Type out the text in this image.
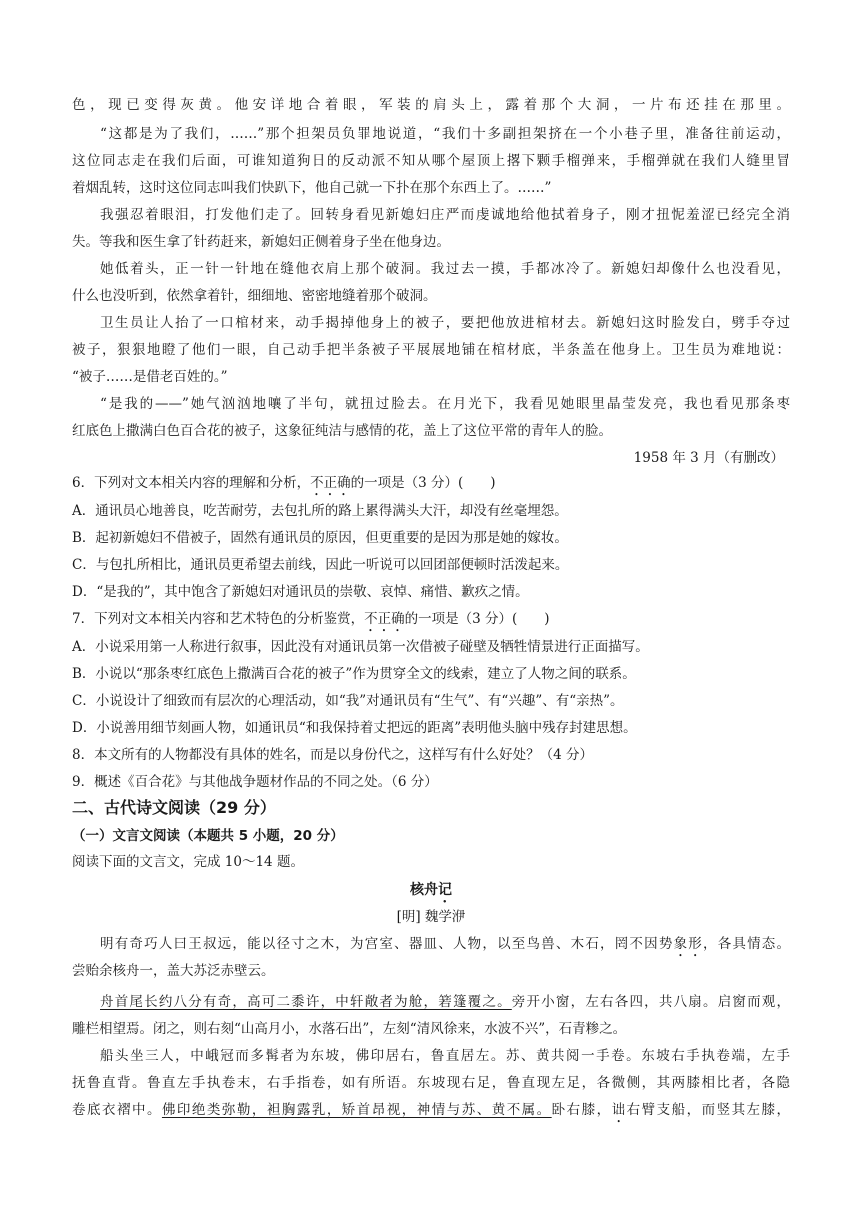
色，现已变得灰黄。他安详地合着眼，军装的肩头上，露着那个大洞，一片布还挂在那里。
“这都是为了我们，……”那个担架员负罪地说道，“我们十多副担架挤在一个小巷子里，准备往前运动，
这位同志走在我们后面，可谁知道狗日的反动派不知从哪个屋顶上撂下颗手榴弹来，手榴弹就在我们人缝里冒
着烟乱转，这时这位同志叫我们快趴下，他自己就一下扑在那个东西上了。……”
我强忍着眼泪，打发他们走了。回转身看见新媳妇庄严而虔诚地给他拭着身子，刚才扭怩羞涩已经完全消
失。等我和医生拿了针药赶来，新媳妇正侧着身子坐在他身边。
她低着头，正一针一针地在缝他衣肩上那个破洞。我过去一摸，手都冰冷了。新媳妇却像什么也没看见，
什么也没听到，依然拿着针，细细地、密密地缝着那个破洞。
卫生员让人抬了一口棺材来，动手揭掉他身上的被子，要把他放进棺材去。新媳妇这时脸发白，劈手夺过
被子，狠狠地瞪了他们一眼，自己动手把半条被子平展展地铺在棺材底，半条盖在他身上。卫生员为难地说：
“被子……是借老百姓的。”
“是我的——”她气汹汹地嚷了半句，就扭过脸去。在月光下，我看见她眼里晶莹发亮，我也看见那条枣
红底色上撒满白色百合花的被子，这象征纯洁与感情的花，盖上了这位平常的青年人的脸。
1958 年 3 月（有删改）
6．下列对文本相关内容的理解和分析，不正确的一项是（3 分）(　　)
A．通讯员心地善良，吃苦耐劳，去包扎所的路上累得满头大汗，却没有丝毫埋怨。
B．起初新媳妇不借被子，固然有通讯员的原因，但更重要的是因为那是她的嫁妆。
C．与包扎所相比，通讯员更希望去前线，因此一听说可以回团部便顿时活泼起来。
D．“是我的”，其中饱含了新媳妇对通讯员的崇敬、哀悼、痛惜、歉疚之情。
7．下列对文本相关内容和艺术特色的分析鉴赏，不正确的一项是（3 分）(　　)
A．小说采用第一人称进行叙事，因此没有对通讯员第一次借被子碰壁及牺牲情景进行正面描写。
B．小说以“那条枣红底色上撒满百合花的被子”作为贯穿全文的线索，建立了人物之间的联系。
C．小说设计了细致而有层次的心理活动，如“我”对通讯员有“生气”、有“兴趣”、有“亲热”。
D．小说善用细节刻画人物，如通讯员“和我保持着丈把远的距离”表明他头脑中残存封建思想。
8．本文所有的人物都没有具体的姓名，而是以身份代之，这样写有什么好处？（4 分）
9．概述《百合花》与其他战争题材作品的不同之处。（6 分）
二、古代诗文阅读（29 分）
（一）文言文阅读（本题共 5 小题，20 分）
阅读下面的文言文，完成 10～14 题。
核舟记
[明] 魏学洢
明有奇巧人曰王叔远，能以径寸之木，为宫室、器皿、人物，以至鸟兽、木石，罔不因势象形，各具情态。
尝贻余核舟一，盖大苏泛赤壁云。
舟首尾长约八分有奇，高可二黍许，中轩敞者为舱，箬篷覆之。旁开小窗，左右各四，共八扇。启窗而观，
雕栏相望焉。闭之，则右刻“山高月小，水落石出”，左刻“清风徐来，水波不兴”，石青糁之。
船头坐三人，中峨冠而多髯者为东坡，佛印居右，鲁直居左。苏、黄共阅一手卷。东坡右手执卷端，左手
抚鲁直背。鲁直左手执卷末，右手指卷，如有所语。东坡现右足，鲁直现左足，各微侧，其两膝相比者，各隐
卷底衣褶中。佛印绝类弥勒，袒胸露乳，矫首昂视，神情与苏、黄不属。卧右膝，诎右臂支船，而竖其左膝，
